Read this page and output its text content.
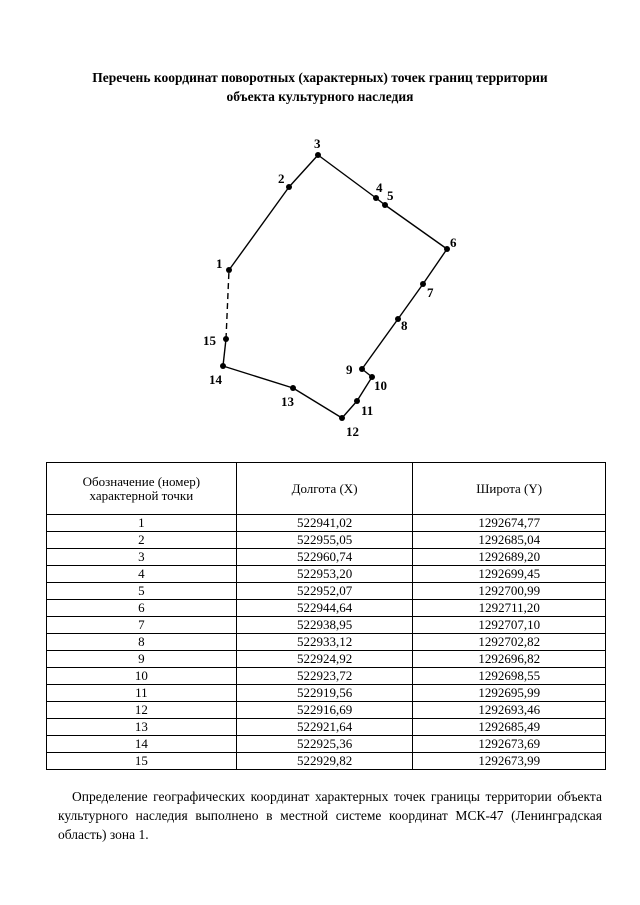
Перечень координат поворотных (характерных) точек границ территории
объекта культурного наследия
1
2
3
4
5
6
7
8
9
10
11
12
13
14
15
Обозначение (номер)
характерной точки	Долгота (X)	Широта (Y)
1	522941,02	1292674,77
2	522955,05	1292685,04
3	522960,74	1292689,20
4	522953,20	1292699,45
5	522952,07	1292700,99
6	522944,64	1292711,20
7	522938,95	1292707,10
8	522933,12	1292702,82
9	522924,92	1292696,82
10	522923,72	1292698,55
11	522919,56	1292695,99
12	522916,69	1292693,46
13	522921,64	1292685,49
14	522925,36	1292673,69
15	522929,82	1292673,99
Определение географических координат характерных точек границы территории объекта культурного наследия выполнено в местной системе координат МСК-47 (Ленинградская область) зона 1.
